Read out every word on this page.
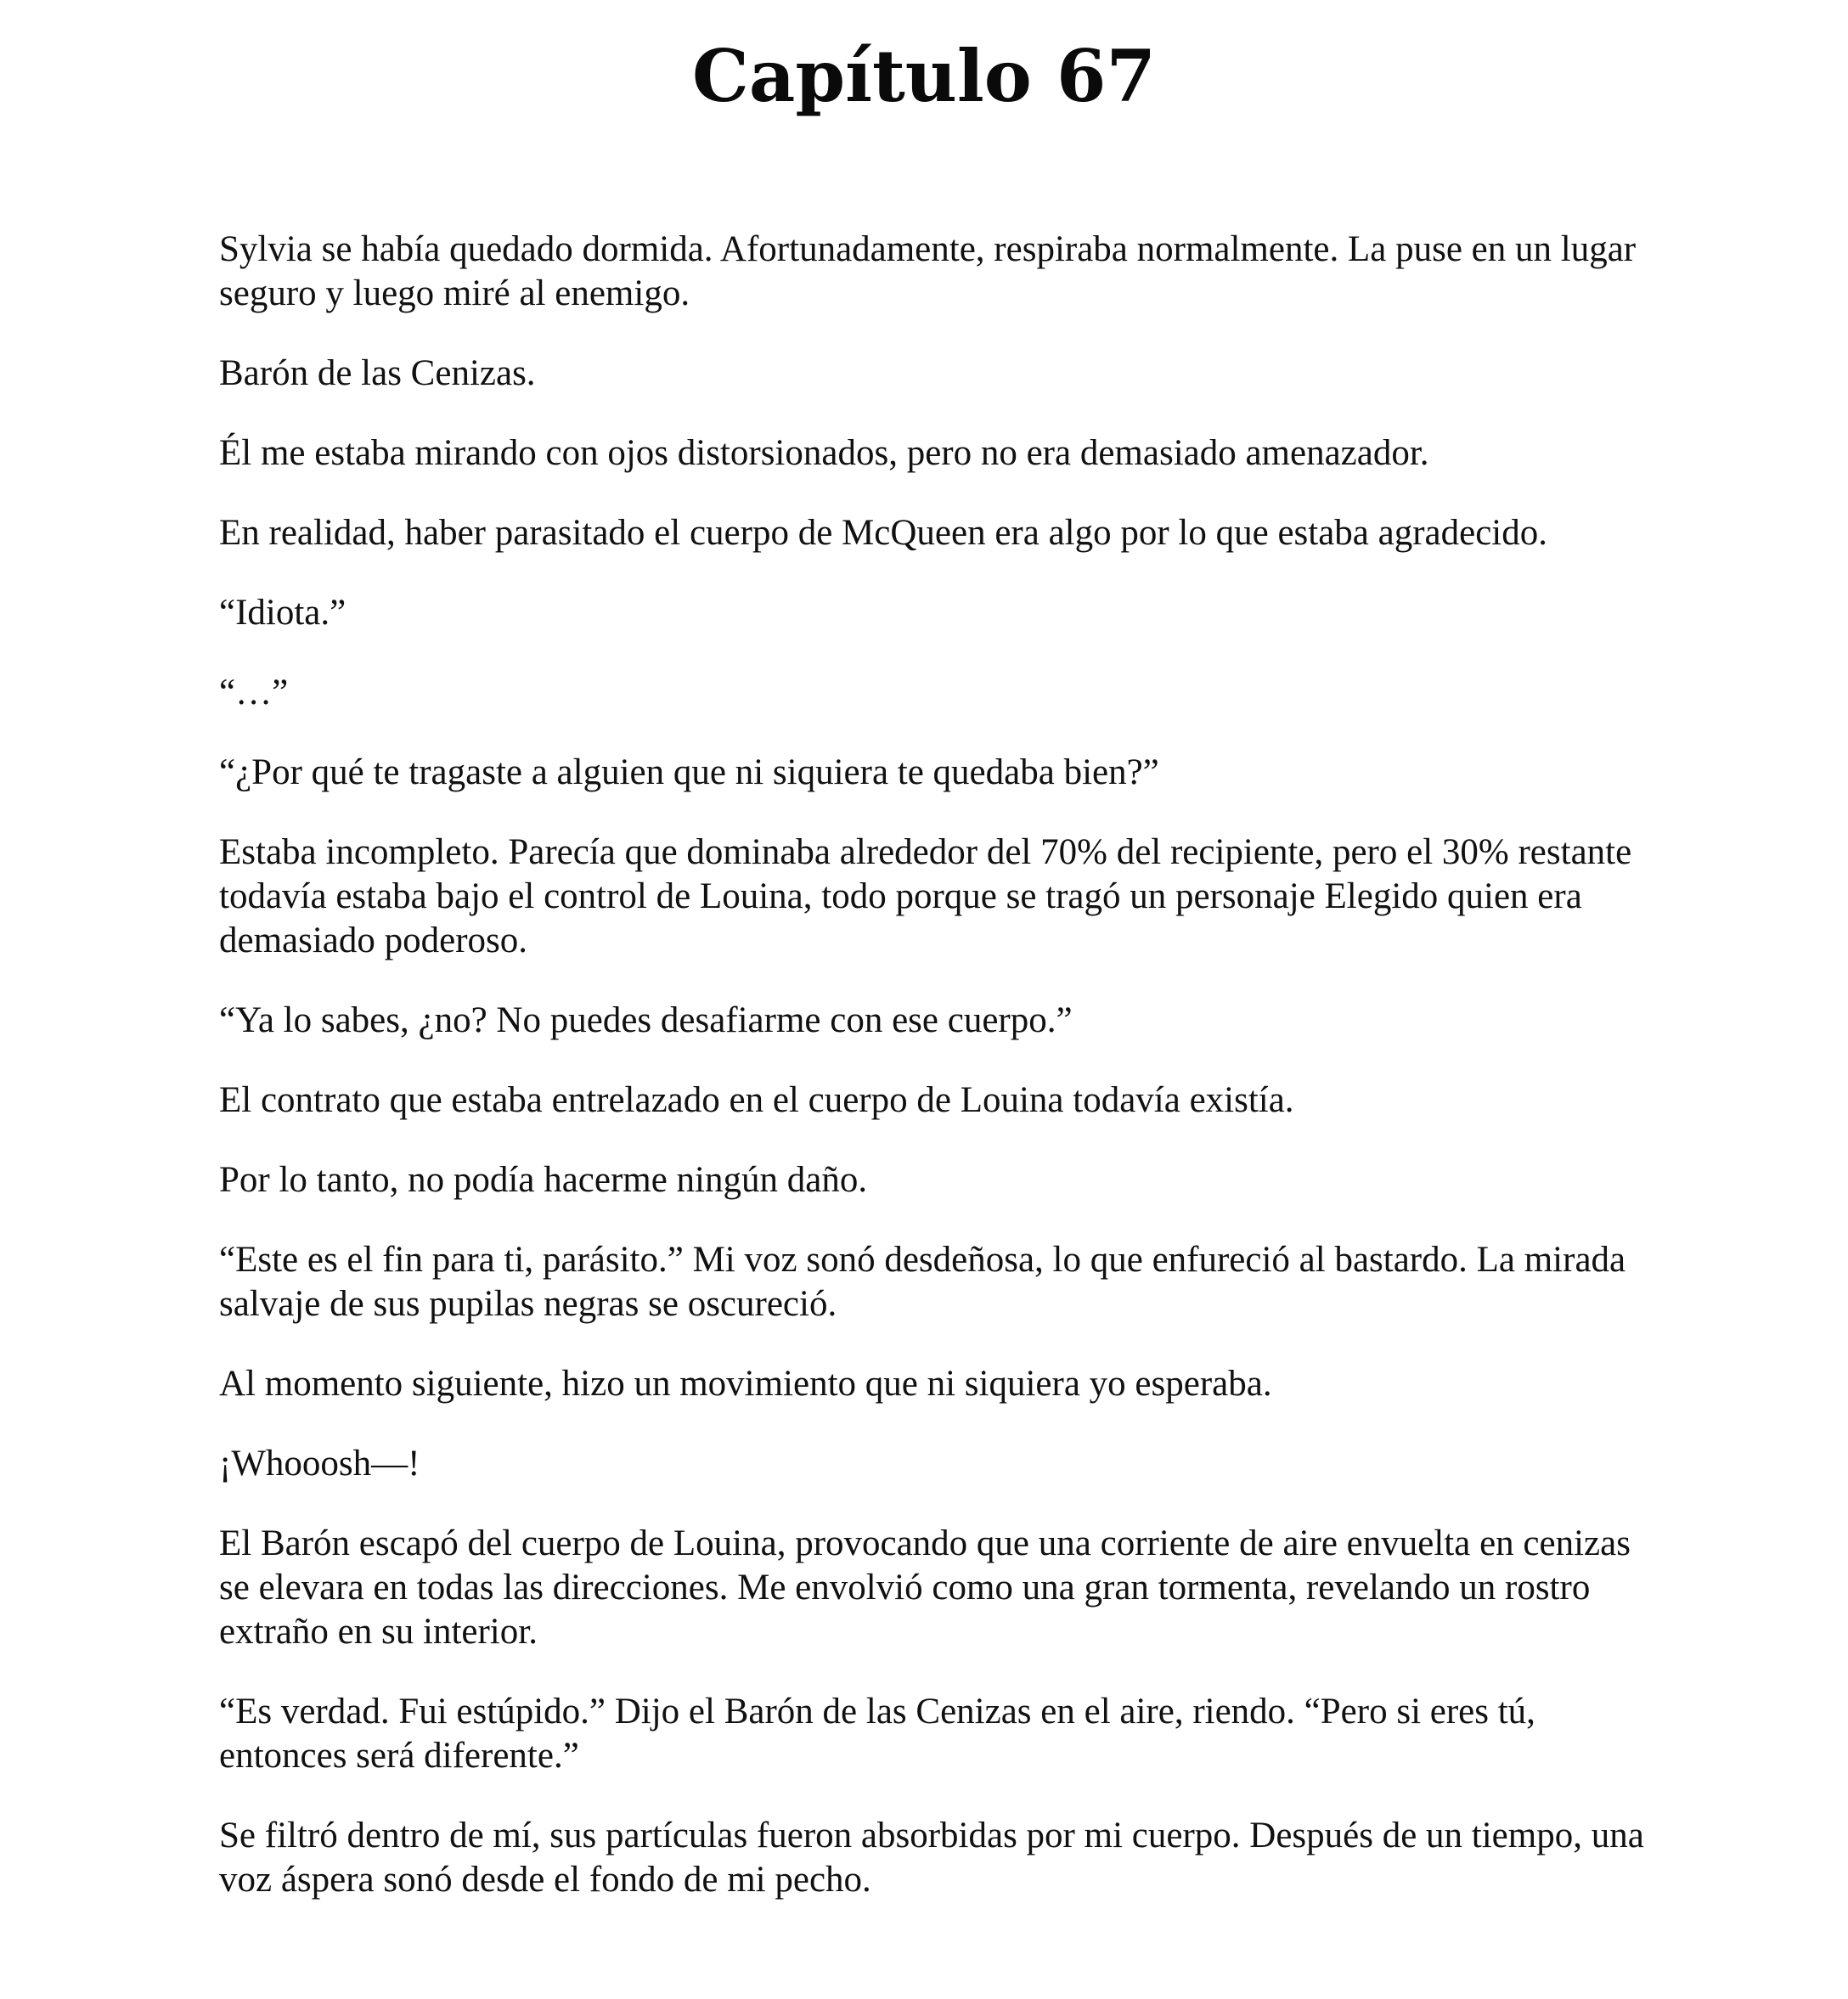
Capítulo 67

Sylvia se había quedado dormida. Afortunadamente, respiraba normalmente. La puse en un lugar seguro y luego miré al enemigo.

Barón de las Cenizas.

Él me estaba mirando con ojos distorsionados, pero no era demasiado amenazador.

En realidad, haber parasitado el cuerpo de McQueen era algo por lo que estaba agradecido.

“Idiota.”

“…”

“¿Por qué te tragaste a alguien que ni siquiera te quedaba bien?”

Estaba incompleto. Parecía que dominaba alrededor del 70% del recipiente, pero el 30% restante todavía estaba bajo el control de Louina, todo porque se tragó un personaje Elegido quien era demasiado poderoso.

“Ya lo sabes, ¿no? No puedes desafiarme con ese cuerpo.”

El contrato que estaba entrelazado en el cuerpo de Louina todavía existía.

Por lo tanto, no podía hacerme ningún daño.

“Este es el fin para ti, parásito.” Mi voz sonó desdeñosa, lo que enfureció al bastardo. La mirada salvaje de sus pupilas negras se oscureció.

Al momento siguiente, hizo un movimiento que ni siquiera yo esperaba.

¡Whooosh—!

El Barón escapó del cuerpo de Louina, provocando que una corriente de aire envuelta en cenizas se elevara en todas las direcciones. Me envolvió como una gran tormenta, revelando un rostro extraño en su interior.

“Es verdad. Fui estúpido.” Dijo el Barón de las Cenizas en el aire, riendo. “Pero si eres tú, entonces será diferente.”

Se filtró dentro de mí, sus partículas fueron absorbidas por mi cuerpo. Después de un tiempo, una voz áspera sonó desde el fondo de mi pecho.
